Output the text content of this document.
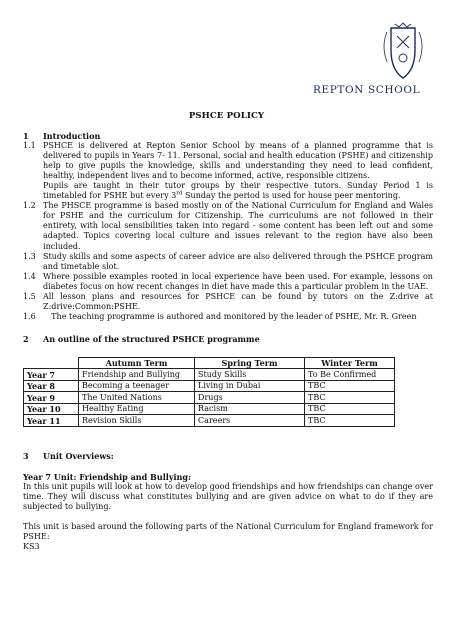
REPTON SCHOOL
PSHCE POLICY
1	Introduction
1.1 PSHCE is delivered at Repton Senior School by means of a planned programme that is delivered to pupils in Years 7- 11. Personal, social and health education (PSHE) and citizenship help to give pupils the knowledge, skills and understanding they need to lead confident, healthy, independent lives and to become informed, active, responsible citizens.
Pupils are taught in their tutor groups by their respective tutors. Sunday Period 1 is timetabled for PSHE but every 3rd Sunday the period is used for house peer mentoring.
1.2 The PHSCE programme is based mostly on of the National Curriculum for England and Wales for PSHE and the curriculum for Citizenship. The curriculums are not followed in their entirety, with local sensibilities taken into regard - some content has been left out and some adapted. Topics covering local culture and issues relevant to the region have also been included.
1.3 Study skills and some aspects of career advice are also delivered through the PSHCE program and timetable slot.
1.4 Where possible examples rooted in local experience have been used. For example, lessons on diabetes focus on how recent changes in diet have made this a particular problem in the UAE.
1.5 All lesson plans and resources for PSHCE can be found by tutors on the Z:drive at Z:drive:Common:PSHE.
1.6      The teaching programme is authored and monitored by the leader of PSHE, Mr. R. Green
2	An outline of the structured PSHCE programme
	Autumn Term	Spring Term	Winter Term
Year 7	Friendship and Bullying	Study Skills	To Be Confirmed
Year 8	Becoming a teenager	Living in Dubai	TBC
Year 9	The United Nations	Drugs	TBC
Year 10	Healthy Eating	Racism	TBC
Year 11	Revision Skills	Careers	TBC
3	Unit Overviews:
Year 7 Unit: Friendship and Bullying:
In this unit pupils will look at how to develop good friendships and how friendships can change over time. They will discuss what constitutes bullying and are given advice on what to do if they are subjected to bullying.
This unit is based around the following parts of the National Curriculum for England framework for PSHE:
KS3
